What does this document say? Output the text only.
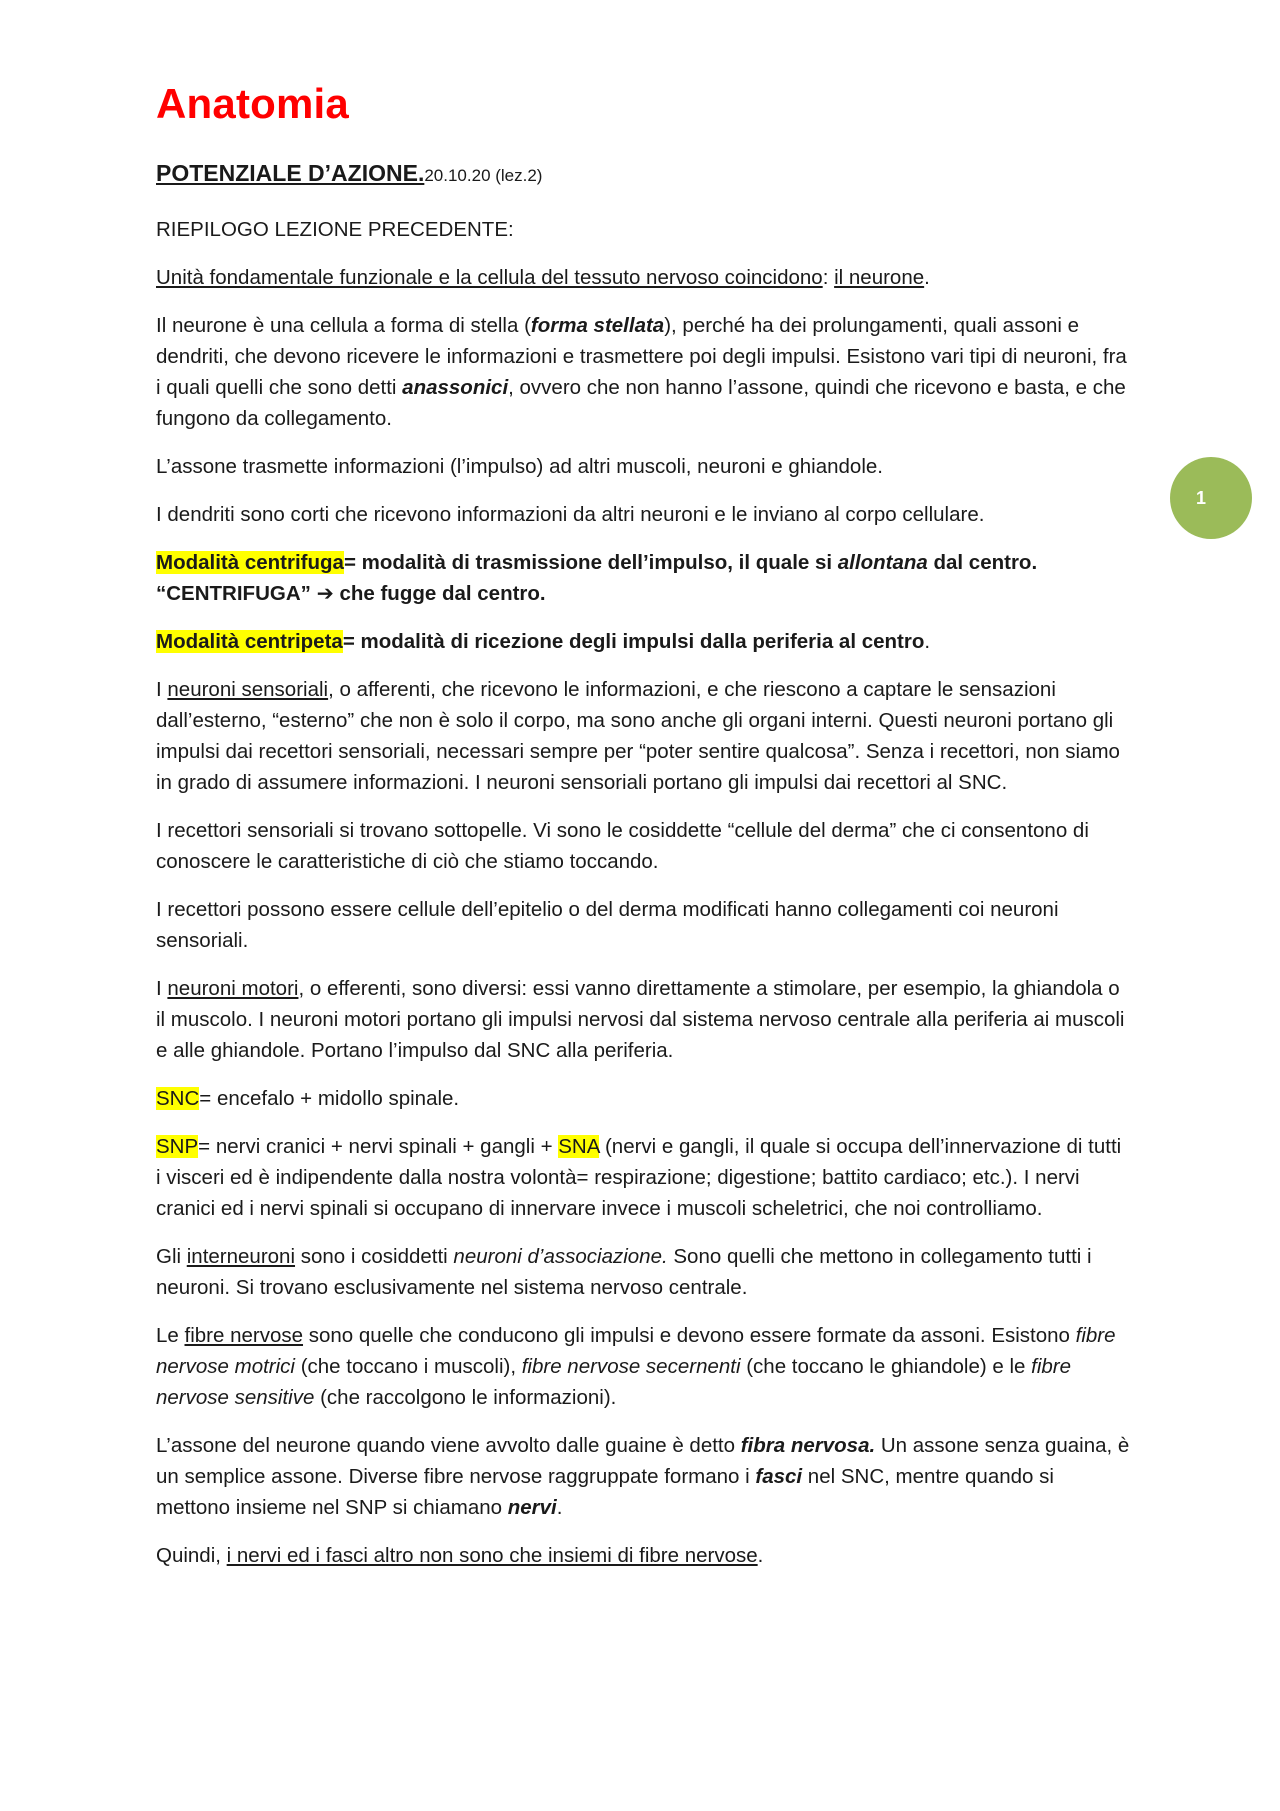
Anatomia
POTENZIALE D’AZIONE.20.10.20 (lez.2)

RIEPILOGO LEZIONE PRECEDENTE:

Unità fondamentale funzionale e la cellula del tessuto nervoso coincidono: il neurone.

Il neurone è una cellula a forma di stella (forma stellata), perché ha dei prolungamenti, quali assoni e dendriti, che devono ricevere le informazioni e trasmettere poi degli impulsi. Esistono vari tipi di neuroni, fra i quali quelli che sono detti anassonici, ovvero che non hanno l’assone, quindi che ricevono e basta, e che fungono da collegamento.

L’assone trasmette informazioni (l’impulso) ad altri muscoli, neuroni e ghiandole.

I dendriti sono corti che ricevono informazioni da altri neuroni e le inviano al corpo cellulare.

Modalità centrifuga= modalità di trasmissione dell’impulso, il quale si allontana dal centro.
“CENTRIFUGA” ➔ che fugge dal centro.

Modalità centripeta= modalità di ricezione degli impulsi dalla periferia al centro.

I neuroni sensoriali, o afferenti, che ricevono le informazioni, e che riescono a captare le sensazioni dall’esterno, “esterno” che non è solo il corpo, ma sono anche gli organi interni. Questi neuroni portano gli impulsi dai recettori sensoriali, necessari sempre per “poter sentire qualcosa”. Senza i recettori, non siamo in grado di assumere informazioni. I neuroni sensoriali portano gli impulsi dai recettori al SNC.

I recettori sensoriali si trovano sottopelle. Vi sono le cosiddette “cellule del derma” che ci consentono di conoscere le caratteristiche di ciò che stiamo toccando.

I recettori possono essere cellule dell’epitelio o del derma modificati hanno collegamenti coi neuroni sensoriali.

I neuroni motori, o efferenti, sono diversi: essi vanno direttamente a stimolare, per esempio, la ghiandola o il muscolo. I neuroni motori portano gli impulsi nervosi dal sistema nervoso centrale alla periferia ai muscoli e alle ghiandole. Portano l’impulso dal SNC alla periferia.

SNC= encefalo + midollo spinale.

SNP= nervi cranici + nervi spinali + gangli + SNA (nervi e gangli, il quale si occupa dell’innervazione di tutti i visceri ed è indipendente dalla nostra volontà= respirazione; digestione; battito cardiaco; etc.). I nervi cranici ed i nervi spinali si occupano di innervare invece i muscoli scheletrici, che noi controlliamo.

Gli interneuroni sono i cosiddetti neuroni d’associazione. Sono quelli che mettono in collegamento tutti i neuroni. Si trovano esclusivamente nel sistema nervoso centrale.

Le fibre nervose sono quelle che conducono gli impulsi e devono essere formate da assoni. Esistono fibre nervose motrici (che toccano i muscoli), fibre nervose secernenti (che toccano le ghiandole) e le fibre nervose sensitive (che raccolgono le informazioni).

L’assone del neurone quando viene avvolto dalle guaine è detto fibra nervosa. Un assone senza guaina, è un semplice assone. Diverse fibre nervose raggruppate formano i fasci nel SNC, mentre quando si mettono insieme nel SNP si chiamano nervi.

Quindi, i nervi ed i fasci altro non sono che insiemi di fibre nervose.

1
